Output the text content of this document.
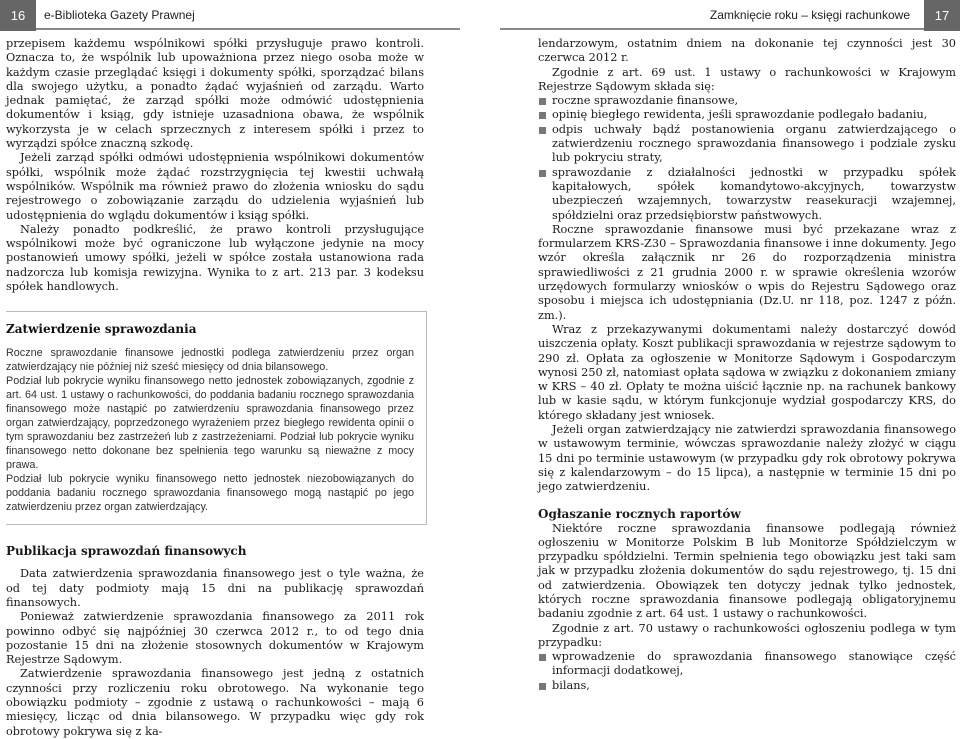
16	e-Biblioteka Gazety Prawnej	Zamknięcie roku – księgi rachunkowe	17

przepisem każdemu wspólnikowi spółki przysługuje prawo kontroli. Oznacza to, że wspólnik lub upoważniona przez niego osoba może w każdym czasie przeglądać księgi i dokumenty spółki, sporządzać bilans dla swojego użytku, a ponadto żądać wyjaśnień od zarządu. Warto jednak pamiętać, że zarząd spółki może odmówić udostępnienia dokumentów i ksiąg, gdy istnieje uzasadniona obawa, że wspólnik wykorzysta je w celach sprzecznych z interesem spółki i przez to wyrządzi spółce znaczną szkodę.

Jeżeli zarząd spółki odmówi udostępnienia wspólnikowi dokumentów spółki, wspólnik może żądać rozstrzygnięcia tej kwestii uchwałą wspólników. Wspólnik ma również prawo do złożenia wniosku do sądu rejestrowego o zobowiązanie zarządu do udzielenia wyjaśnień lub udostępnienia do wglądu dokumentów i ksiąg spółki.

Należy ponadto podkreślić, że prawo kontroli przysługujące wspólnikowi może być ograniczone lub wyłączone jedynie na mocy postanowień umowy spółki, jeżeli w spółce została ustanowiona rada nadzorcza lub komisja rewizyjna. Wynika to z art. 213 par. 3 kodeksu spółek handlowych.

Zatwierdzenie sprawozdania

Roczne sprawozdanie finansowe jednostki podlega zatwierdzeniu przez organ zatwierdzający nie później niż sześć miesięcy od dnia bilansowego.

Podział lub pokrycie wyniku finansowego netto jednostek zobowiązanych, zgodnie z art. 64 ust. 1 ustawy o rachunkowości, do poddania badaniu rocznego sprawozdania finansowego może nastąpić po zatwierdzeniu sprawozdania finansowego przez organ zatwierdzający, poprzedzonego wyrażeniem przez biegłego rewidenta opinii o tym sprawozdaniu bez zastrzeżeń lub z zastrzeżeniami. Podział lub pokrycie wyniku finansowego netto dokonane bez spełnienia tego warunku są nieważne z mocy prawa.

Podział lub pokrycie wyniku finansowego netto jednostek niezobowiązanych do poddania badaniu rocznego sprawozdania finansowego mogą nastąpić po jego zatwierdzeniu przez organ zatwierdzający.

Publikacja sprawozdań finansowych

Data zatwierdzenia sprawozdania finansowego jest o tyle ważna, że od tej daty podmioty mają 15 dni na publikację sprawozdań finansowych.

Ponieważ zatwierdzenie sprawozdania finansowego za 2011 rok powinno odbyć się najpóźniej 30 czerwca 2012 r., to od tego dnia pozostanie 15 dni na złożenie stosownych dokumentów w Krajowym Rejestrze Sądowym.

Zatwierdzenie sprawozdania finansowego jest jedną z ostatnich czynności przy rozliczeniu roku obrotowego. Na wykonanie tego obowiązku podmioty – zgodnie z ustawą o rachunkowości – mają 6 miesięcy, licząc od dnia bilansowego. W przypadku więc gdy rok obrotowy pokrywa się z ka-

lendarzowym, ostatnim dniem na dokonanie tej czynności jest 30 czerwca 2012 r.

Zgodnie z art. 69 ust. 1 ustawy o rachunkowości w Krajowym Rejestrze Sądowym składa się:

roczne sprawozdanie finansowe,
opinię biegłego rewidenta, jeśli sprawozdanie podlegało badaniu,
odpis uchwały bądź postanowienia organu zatwierdzającego o zatwierdzeniu rocznego sprawozdania finansowego i podziale zysku lub pokryciu straty,
sprawozdanie z działalności jednostki w przypadku spółek kapitałowych, spółek komandytowo-akcyjnych, towarzystw ubezpieczeń wzajemnych, towarzystw reasekuracji wzajemnej, spółdzielni oraz przedsiębiorstw państwowych.

Roczne sprawozdanie finansowe musi być przekazane wraz z formularzem KRS-Z30 – Sprawozdania finansowe i inne dokumenty. Jego wzór określa załącznik nr 26 do rozporządzenia ministra sprawiedliwości z 21 grudnia 2000 r. w sprawie określenia wzorów urzędowych formularzy wniosków o wpis do Rejestru Sądowego oraz sposobu i miejsca ich udostępniania (Dz.U. nr 118, poz. 1247 z późn. zm.).

Wraz z przekazywanymi dokumentami należy dostarczyć dowód uiszczenia opłaty. Koszt publikacji sprawozdania w rejestrze sądowym to 290 zł. Opłata za ogłoszenie w Monitorze Sądowym i Gospodarczym wynosi 250 zł, natomiast opłata sądowa w związku z dokonaniem zmiany w KRS – 40 zł. Opłaty te można uiścić łącznie np. na rachunek bankowy lub w kasie sądu, w którym funkcjonuje wydział gospodarczy KRS, do którego składany jest wniosek.

Jeżeli organ zatwierdzający nie zatwierdzi sprawozdania finansowego w ustawowym terminie, wówczas sprawozdanie należy złożyć w ciągu 15 dni po terminie ustawowym (w przypadku gdy rok obrotowy pokrywa się z kalendarzowym – do 15 lipca), a następnie w terminie 15 dni po jego zatwierdzeniu.

Ogłaszanie rocznych raportów

Niektóre roczne sprawozdania finansowe podlegają również ogłoszeniu w Monitorze Polskim B lub Monitorze Spółdzielczym w przypadku spółdzielni. Termin spełnienia tego obowiązku jest taki sam jak w przypadku złożenia dokumentów do sądu rejestrowego, tj. 15 dni od zatwierdzenia. Obowiązek ten dotyczy jednak tylko jednostek, których roczne sprawozdania finansowe podlegają obligatoryjnemu badaniu zgodnie z art. 64 ust. 1 ustawy o rachunkowości.

Zgodnie z art. 70 ustawy o rachunkowości ogłoszeniu podlega w tym przypadku:

wprowadzenie do sprawozdania finansowego stanowiące część informacji dodatkowej,
bilans,
